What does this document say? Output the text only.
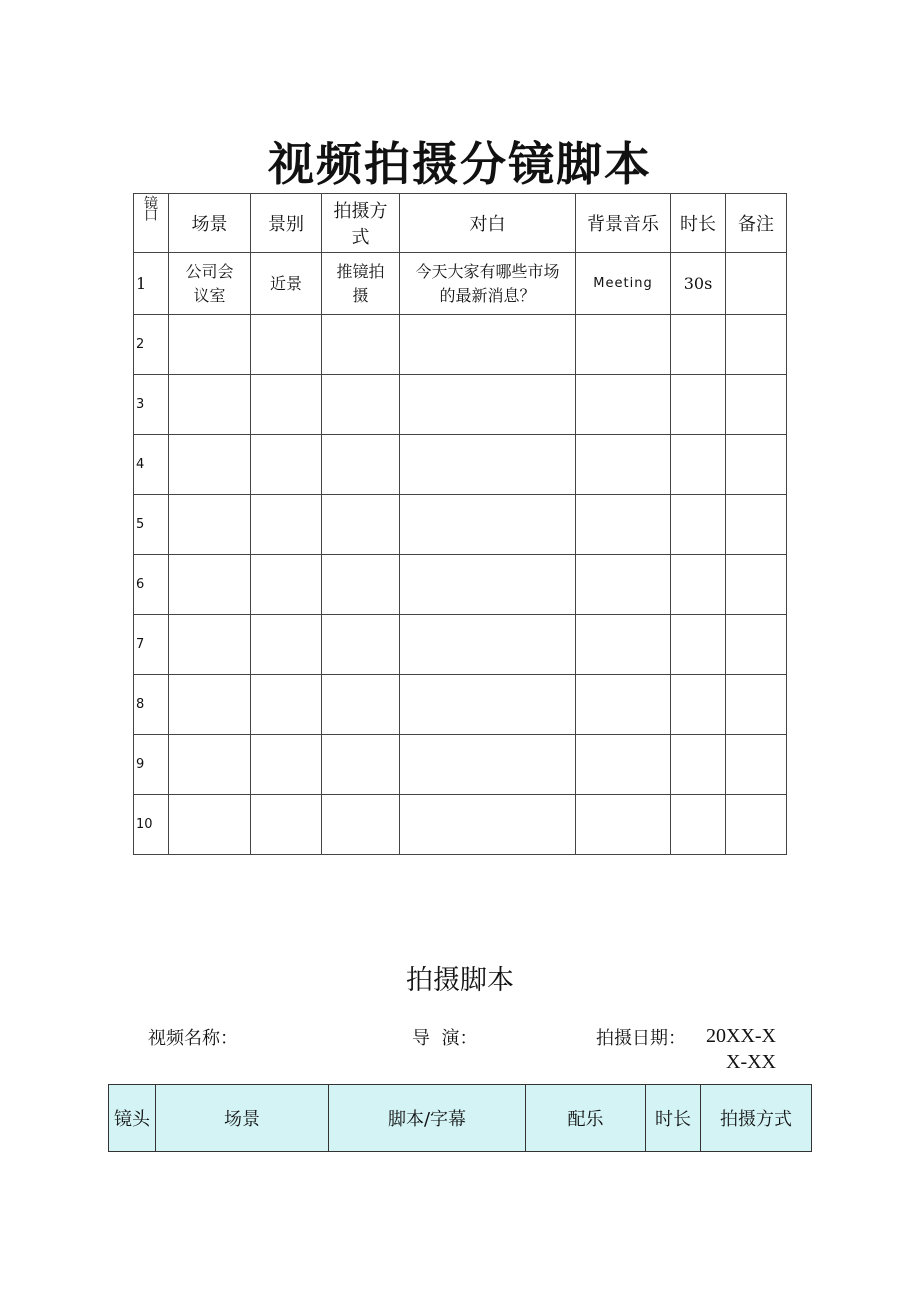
视频拍摄分镜脚本
镜
口	场景	景别	拍摄方式	对白	背景音乐	时长	备注
1	公司会议室	近景	推镜拍摄	今天大家有哪些市场的最新消息？	Meeting	30s	
2							
3							
4							
5							
6							
7							
8							
9							
10							
拍摄脚本
视频名称：	导  演：	拍摄日期：	20XX-XX-XX
镜头	场景	脚本/字幕	配乐	时长	拍摄方式
